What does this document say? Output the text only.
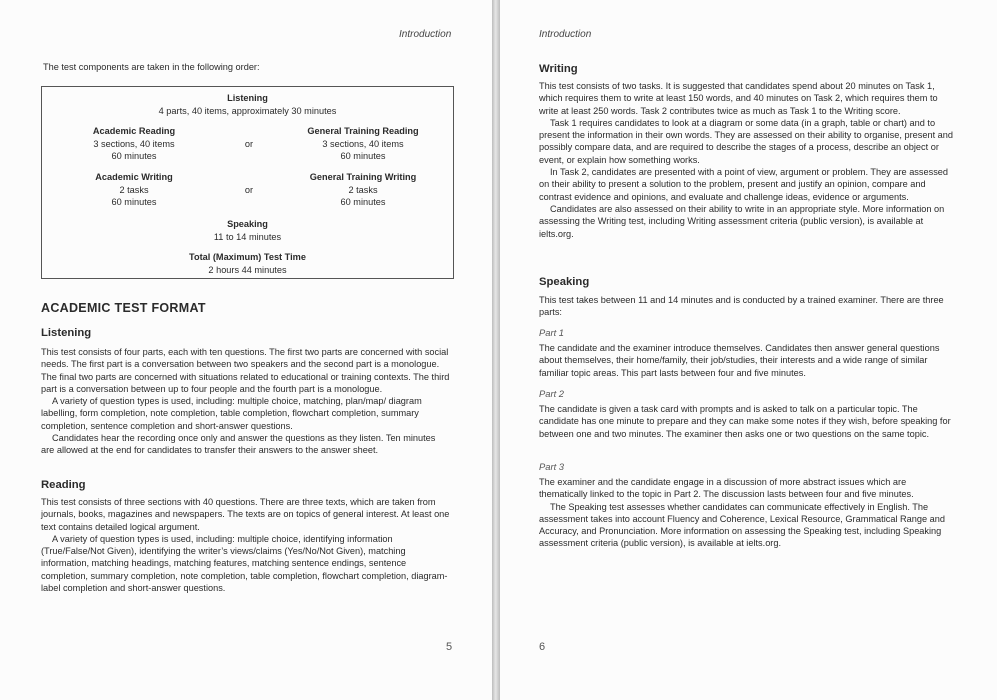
Introduction

The test components are taken in the following order:

Listening
4 parts, 40 items, approximately 30 minutes
Academic Reading
3 sections, 40 items
60 minutes
or
General Training Reading
3 sections, 40 items
60 minutes
Academic Writing
2 tasks
60 minutes
or
General Training Writing
2 tasks
60 minutes
Speaking
11 to 14 minutes
Total (Maximum) Test Time
2 hours 44 minutes
ACADEMIC TEST FORMAT
Listening

This test consists of four parts, each with ten questions. The first two parts are concerned with social needs. The first part is a conversation between two speakers and the second part is a monologue. The final two parts are concerned with situations related to educational or training contexts. The third part is a conversation between up to four people and the fourth part is a monologue.

A variety of question types is used, including: multiple choice, matching, plan/map/ diagram labelling, form completion, note completion, table completion, flowchart completion, summary completion, sentence completion and short-answer questions.

Candidates hear the recording once only and answer the questions as they listen. Ten minutes are allowed at the end for candidates to transfer their answers to the answer sheet.

Reading

This test consists of three sections with 40 questions. There are three texts, which are taken from journals, books, magazines and newspapers. The texts are on topics of general interest. At least one text contains detailed logical argument.

A variety of question types is used, including: multiple choice, identifying information (True/False/Not Given), identifying the writer’s views/claims (Yes/No/Not Given), matching information, matching headings, matching features, matching sentence endings, sentence completion, summary completion, note completion, table completion, flowchart completion, diagram-label completion and short-answer questions.

5
Introduction
Writing

This test consists of two tasks. It is suggested that candidates spend about 20 minutes on Task 1, which requires them to write at least 150 words, and 40 minutes on Task 2, which requires them to write at least 250 words. Task 2 contributes twice as much as Task 1 to the Writing score.

Task 1 requires candidates to look at a diagram or some data (in a graph, table or chart) and to present the information in their own words. They are assessed on their ability to organise, present and possibly compare data, and are required to describe the stages of a process, describe an object or event, or explain how something works.

In Task 2, candidates are presented with a point of view, argument or problem. They are assessed on their ability to present a solution to the problem, present and justify an opinion, compare and contrast evidence and opinions, and evaluate and challenge ideas, evidence or arguments.

Candidates are also assessed on their ability to write in an appropriate style. More information on assessing the Writing test, including Writing assessment criteria (public version), is available at ielts.org.

Speaking
This test takes between 11 and 14 minutes and is conducted by a trained examiner. There are three parts:
Part 1
The candidate and the examiner introduce themselves. Candidates then answer general questions about themselves, their home/family, their job/studies, their interests and a wide range of similar familiar topic areas. This part lasts between four and five minutes.
Part 2
The candidate is given a task card with prompts and is asked to talk on a particular topic. The candidate has one minute to prepare and they can make some notes if they wish, before speaking for between one and two minutes. The examiner then asks one or two questions on the same topic.
Part 3

The examiner and the candidate engage in a discussion of more abstract issues which are thematically linked to the topic in Part 2. The discussion lasts between four and five minutes.

The Speaking test assesses whether candidates can communicate effectively in English. The assessment takes into account Fluency and Coherence, Lexical Resource, Grammatical Range and Accuracy, and Pronunciation. More information on assessing the Speaking test, including Speaking assessment criteria (public version), is available at ielts.org.

6
